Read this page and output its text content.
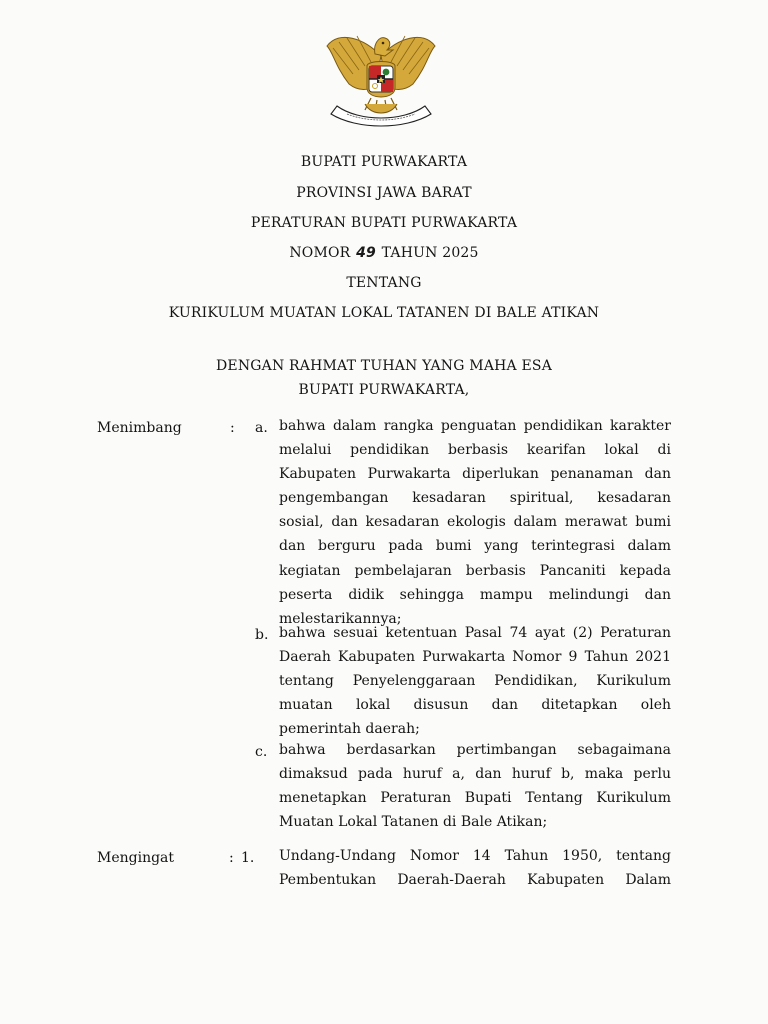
BUPATI PURWAKARTA
PROVINSI JAWA BARAT
PERATURAN BUPATI PURWAKARTA
NOMOR 49 TAHUN 2025
TENTANG
KURIKULUM MUATAN LOKAL TATANEN DI BALE ATIKAN
DENGAN RAHMAT TUHAN YANG MAHA ESA
BUPATI PURWAKARTA,
Menimbang	: a. bahwa dalam rangka penguatan pendidikan karakter
melalui pendidikan berbasis kearifan lokal di
Kabupaten Purwakarta diperlukan penanaman dan
pengembangan kesadaran spiritual, kesadaran
sosial, dan kesadaran ekologis dalam merawat bumi
dan berguru pada bumi yang terintegrasi dalam
kegiatan pembelajaran berbasis Pancaniti kepada
peserta didik sehingga mampu melindungi dan
melestarikannya;
b. bahwa sesuai ketentuan Pasal 74 ayat (2) Peraturan
Daerah Kabupaten Purwakarta Nomor 9 Tahun 2021
tentang Penyelenggaraan Pendidikan, Kurikulum
muatan lokal disusun dan ditetapkan oleh
pemerintah daerah;
c. bahwa berdasarkan pertimbangan sebagaimana
dimaksud pada huruf a, dan huruf b, maka perlu
menetapkan Peraturan Bupati Tentang Kurikulum
Muatan Lokal Tatanen di Bale Atikan;
Mengingat	: 1. Undang-Undang Nomor 14 Tahun 1950, tentang
Pembentukan Daerah-Daerah Kabupaten Dalam
